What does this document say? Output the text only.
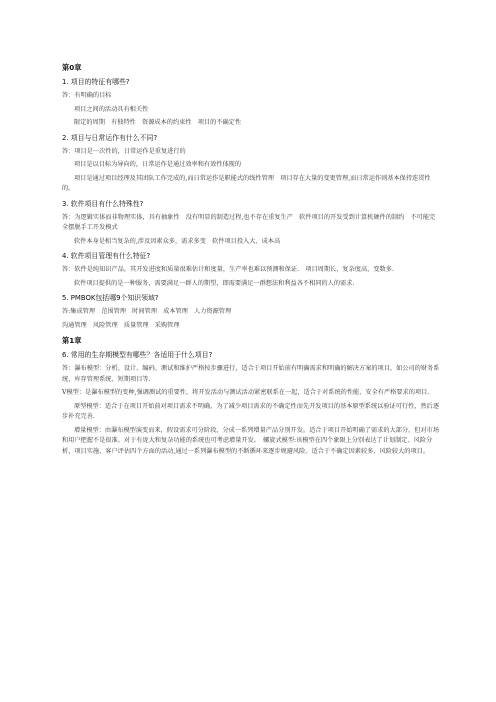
第0章
1. 项目的特征有哪些?
答：有明确的目标
项目之间的活动具有相关性
限定的周期　有独特性　资源成本的约束性　项目的不确定性
2. 项目与日常运作有什么不同?
答：项目是一次性的，日常运作是重复进行的
项目是以目标为导向的，日常运作是通过效率和有效性体现的
项目是通过项目经理及其团队工作完成的,而日常运作是职能式的线性管理　项目存在大量的变更管理,而日常运作则基本保持连贯性的。
3. 软件项目有什么特殊性?
答：为逻辑实体而非物理实体，具有抽象性　没有明显的制造过程,也不存在重复生产　软件项目的开发受到计算机硬件的制约　不可能完全摆脱手工开发模式
软件本身是相当复杂的,涉及因素众多，需求多变　软件项目投入大、成本高
4. 软件项目管理有什么特征?
答：软件是纯知识产品，其开发进度和质量很难估计和度量，生产率也难以预测和保证.　项目周期长，复杂度高，变数多.
软件项目提供的是一种服务，需要满足一群人的期望，即需要满足一群想法和利益各不相同的人的需求.
5. PMBOK包括哪9个知识领域?
答:集成管理　范围管理　时间管理　成本管理　人力资源管理
沟通管理　风险管理　质量管理　采购管理
第1章
6. 常用的生存期模型有哪些？各适用于什么项目?
答：瀑布模型：分析、设计、编码、测试和维护严格按步骤进行，适合于项目开始前有明确需求和明确的解决方案的项目，如公司的财务系统、库存管理系统、短期项目等.
V模型：是瀑布模型的变种,强调测试的重要性，将开发活动与测试活动紧密联系在一起，适合于对系统的性能、安全有严格要求的项目.
原型模型：适合于在项目开始前对项目需求不明确，为了减少项目需求的不确定性而先开发项目的基本原型系统以验证可行性，然后逐步补充完善.
增量模型：由瀑布模型演变而来，假设需求可分阶段，分成一系列增量产品分别开发。适合于项目开始明确了需求的大部分，但对市场和用户把握不是很准。对于有庞大和复杂功能的系统也可考虑增量开发。　螺旋式模型:该模型在四个象限上分别表达了计划制定、风险分析、项目实施、客户评估四个方面的活动,通过一系列瀑布模型的不断循环来逐步规避风险。适合于不确定因素较多、风险较大的项目。
